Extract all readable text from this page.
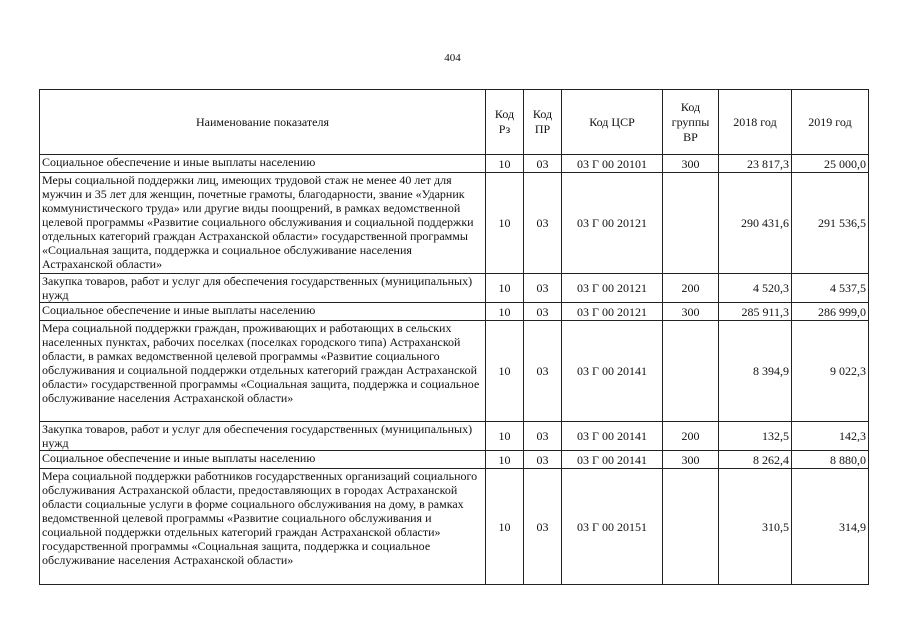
404
Наименование показателя	Код Рз	Код ПР	Код ЦСР	Код группы ВР	2018 год	2019 год
Социальное обеспечение и иные выплаты населению	10	03	03 Г 00 20101	300	23 817,3	25 000,0
Меры социальной поддержки лиц, имеющих трудовой стаж не менее 40 лет для мужчин и 35 лет для женщин, почетные грамоты, благодарности, звание «Ударник коммунистического труда» или другие виды поощрений, в рамках ведомственной целевой программы «Развитие социального обслуживания и социальной поддержки отдельных категорий граждан Астраханской области» государственной программы «Социальная защита, поддержка и социальное обслуживание населения Астраханской области»	10	03	03 Г 00 20121		290 431,6	291 536,5
Закупка товаров, работ и услуг для обеспечения государственных (муниципальных) нужд	10	03	03 Г 00 20121	200	4 520,3	4 537,5
Социальное обеспечение и иные выплаты населению	10	03	03 Г 00 20121	300	285 911,3	286 999,0
Мера социальной поддержки граждан, проживающих и работающих в сельских населенных пунктах, рабочих поселках (поселках городского типа) Астраханской области, в рамках ведомственной целевой программы «Развитие социального обслуживания и социальной поддержки отдельных категорий граждан Астраханской области» государственной программы «Социальная защита, поддержка и социальное обслуживание населения Астраханской области»	10	03	03 Г 00 20141		8 394,9	9 022,3
Закупка товаров, работ и услуг для обеспечения государственных (муниципальных) нужд	10	03	03 Г 00 20141	200	132,5	142,3
Социальное обеспечение и иные выплаты населению	10	03	03 Г 00 20141	300	8 262,4	8 880,0
Мера социальной поддержки работников государственных организаций социального обслуживания Астраханской области, предоставляющих в городах Астраханской области социальные услуги в форме социального обслуживания на дому, в рамках ведомственной целевой программы «Развитие социального обслуживания и социальной поддержки отдельных категорий граждан Астраханской области» государственной программы «Социальная защита, поддержка и социальное обслуживание населения Астраханской области»	10	03	03 Г 00 20151		310,5	314,9
